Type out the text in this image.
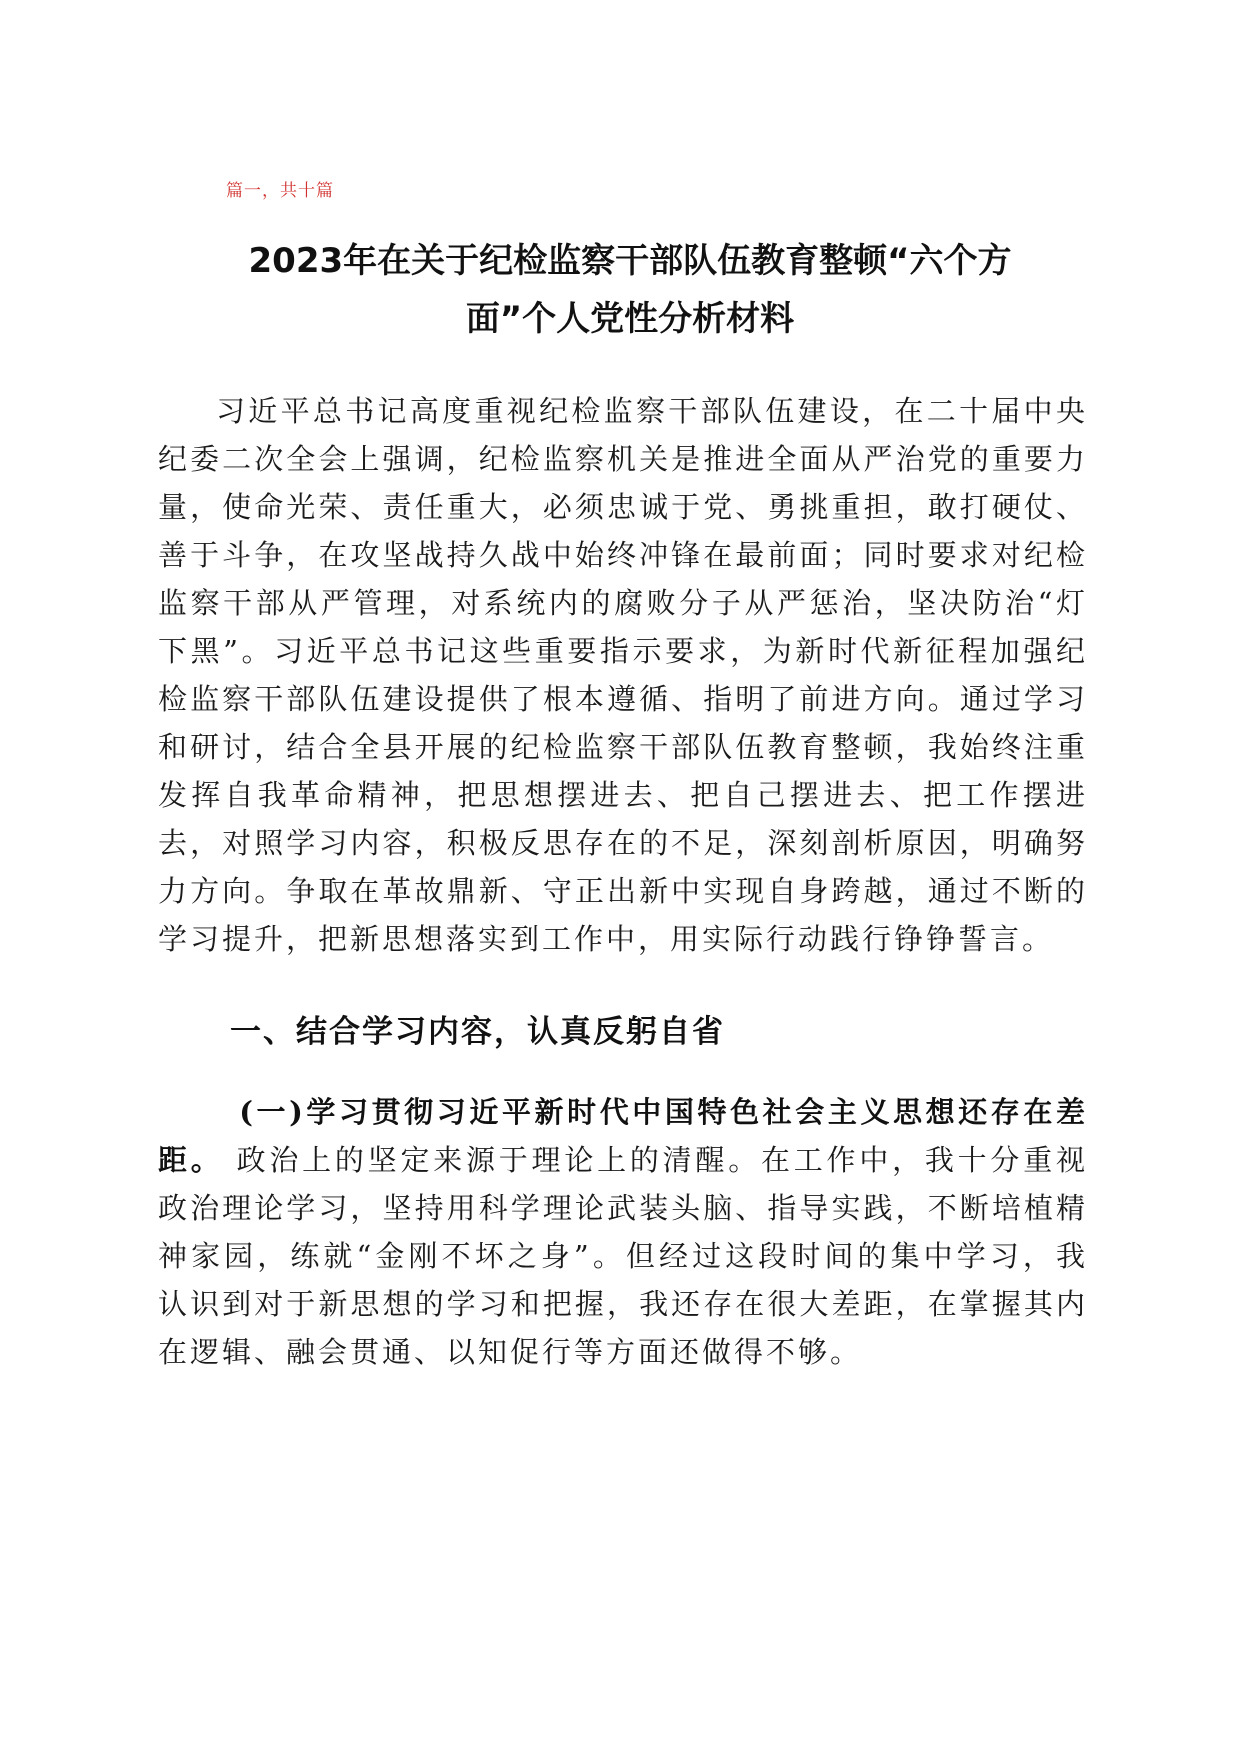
篇一，共十篇
2023年在关于纪检监察干部队伍教育整顿“六个方
面”个人党性分析材料

习近平总书记高度重视纪检监察干部队伍建设，在二十届中央纪委二次全会上强调，纪检监察机关是推进全面从严治党的重要力量，使命光荣、责任重大，必须忠诚于党、勇挑重担，敢打硬仗、善于斗争，在攻坚战持久战中始终冲锋在最前面；同时要求对纪检监察干部从严管理，对系统内的腐败分子从严惩治，坚决防治“灯下黑”。习近平总书记这些重要指示要求，为新时代新征程加强纪检监察干部队伍建设提供了根本遵循、指明了前进方向。通过学习和研讨，结合全县开展的纪检监察干部队伍教育整顿，我始终注重发挥自我革命精神，把思想摆进去、把自己摆进去、把工作摆进去，对照学习内容，积极反思存在的不足，深刻剖析原因，明确努力方向。争取在革故鼎新、守正出新中实现自身跨越，通过不断的学习提升，把新思想落实到工作中，用实际行动践行铮铮誓言。

一、结合学习内容，认真反躬自省

(一)学习贯彻习近平新时代中国特色社会主义思想还存在差距。 政治上的坚定来源于理论上的清醒。在工作中，我十分重视政治理论学习，坚持用科学理论武装头脑、指导实践，不断培植精神家园，练就“金刚不坏之身”。但经过这段时间的集中学习，我认识到对于新思想的学习和把握，我还存在很大差距，在掌握其内在逻辑、融会贯通、以知促行等方面还做得不够。
